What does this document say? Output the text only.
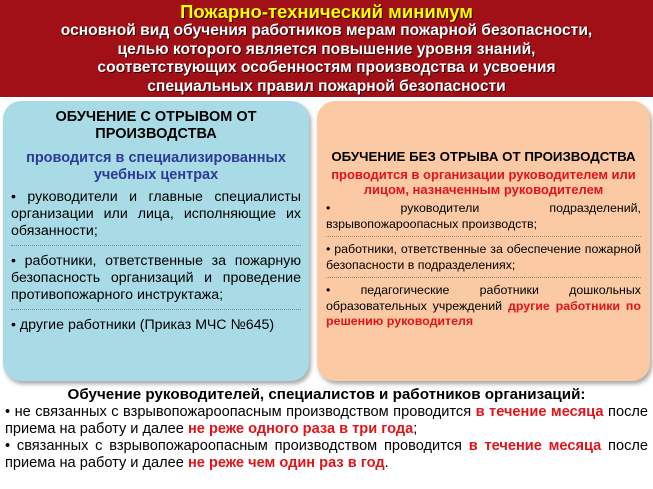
Пожарно-технический минимум
основной вид обучения работников мерам пожарной безопасности,
целью которого является повышение уровня знаний,
соответствующих особенностям производства и усвоения
специальных правил пожарной безопасности
ОБУЧЕНИЕ С ОТРЫВОМ ОТ ПРОИЗВОДСТВА
проводится в специализированных учебных центрах
• руководители и главные специалисты организации или лица, исполняющие их обязанности;
• работники, ответственные за пожарную безопасность организаций и проведение противопожарного инструктажа;
• другие работники (Приказ МЧС №645)
ОБУЧЕНИЕ БЕЗ ОТРЫВА ОТ ПРОИЗВОДСТВА
проводится в организации руководителем или лицом, назначенным руководителем
• руководители подразделений, взрывопожароопасных производств;
• работники, ответственные за обеспечение пожарной безопасности в подразделениях;
• педагогические работники дошкольных образовательных учреждений другие работники по решению руководителя
Обучение руководителей, специалистов и работников организаций:
• не связанных с взрывопожароопасным производством проводится в течение месяца после приема на работу и далее не реже одного раза в три года;
• связанных с взрывопожароопасным производством проводится в течение месяца после приема на работу и далее не реже чем один раз в год.
